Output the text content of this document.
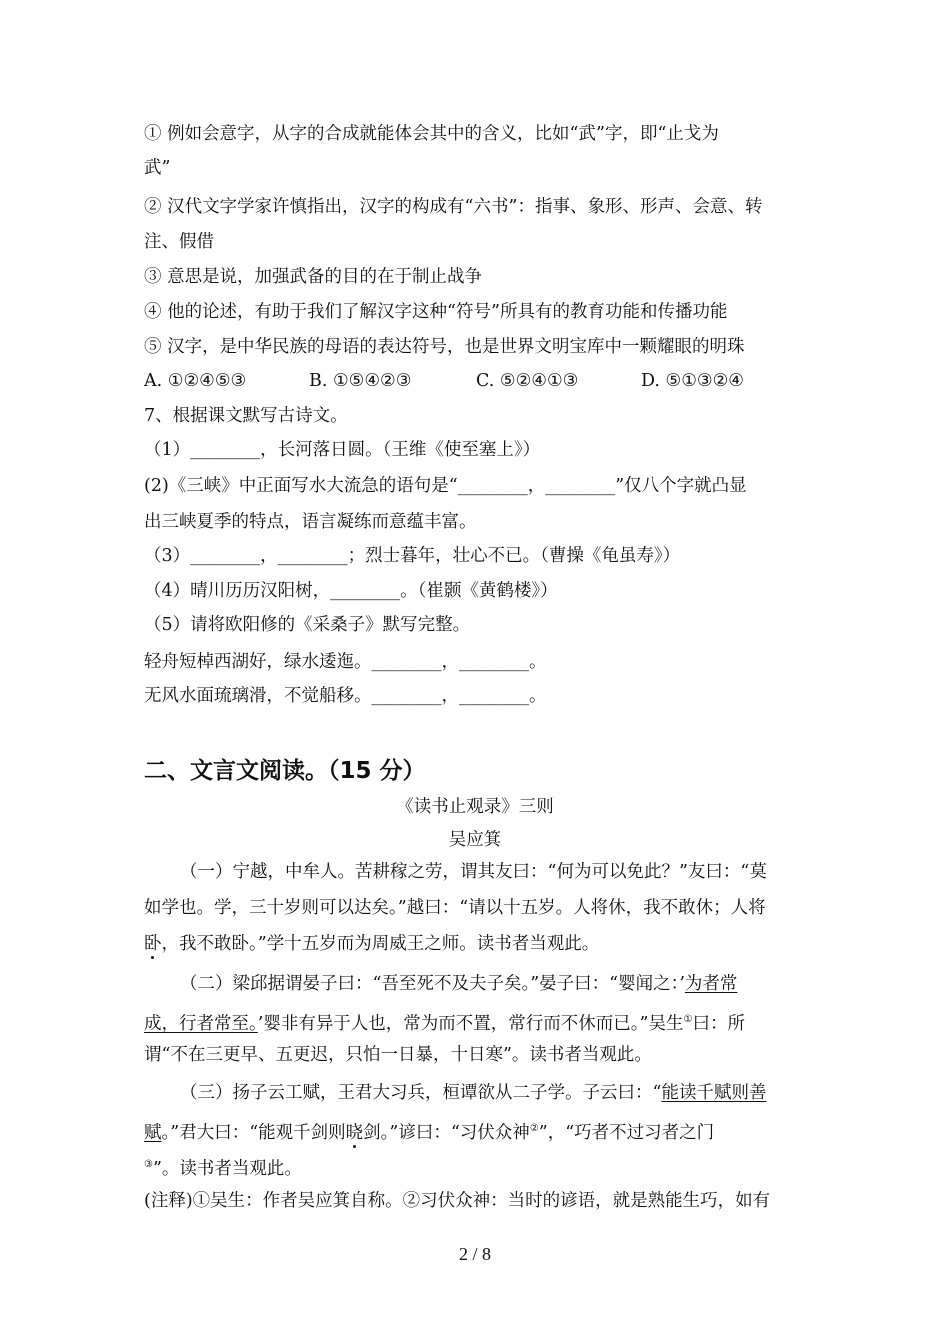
① 例如会意字，从字的合成就能体会其中的含义，比如“武”字，即“止戈为
武”
② 汉代文字学家许慎指出，汉字的构成有“六书”：指事、象形、形声、会意、转
注、假借
③ 意思是说，加强武备的目的在于制止战争
④ 他的论述，有助于我们了解汉字这种“符号”所具有的教育功能和传播功能
⑤ 汉字，是中华民族的母语的表达符号，也是世界文明宝库中一颗耀眼的明珠
A. ①②④⑤③	B. ①⑤④②③	C. ⑤②④①③	D. ⑤①③②④
7、根据课文默写古诗文。
（1）________，长河落日圆。（王维《使至塞上》）
(2)《三峡》中正面写水大流急的语句是“________，________”仅八个字就凸显
出三峡夏季的特点，语言凝练而意蕴丰富。
（3）________，________；烈士暮年，壮心不已。（曹操《龟虽寿》）
（4）晴川历历汉阳树，________。（崔颢《黄鹤楼》）
（5）请将欧阳修的《采桑子》默写完整。
轻舟短棹西湖好，绿水逶迤。________，________。
无风水面琉璃滑，不觉船移。________，________。
二、文言文阅读。（15 分）
《读书止观录》三则
吴应箕
（一）宁越，中牟人。苦耕稼之劳，谓其友曰：“何为可以免此？”友曰：“莫
如学也。学，三十岁则可以达矣。”越曰：“请以十五岁。人将休，我不敢休；人将
卧，我不敢卧。”学十五岁而为周威王之师。读书者当观此。
（二）梁邱据谓晏子曰：“吾至死不及夫子矣。”晏子曰：“婴闻之：’为者常
成，行者常至。’婴非有异于人也，常为而不置，常行而不休而已。”吴生①曰：所
谓“不在三更早、五更迟，只怕一日暴，十日寒”。读书者当观此。
（三）扬子云工赋，王君大习兵，桓谭欲从二子学。子云曰：“能读千赋则善
赋。”君大曰：“能观千剑则晓剑。”谚曰：“习伏众神②”，“巧者不过习者之门
③”。读书者当观此。
(注释)①吴生：作者吴应箕自称。②习伏众神：当时的谚语，就是熟能生巧，如有
2 / 8
